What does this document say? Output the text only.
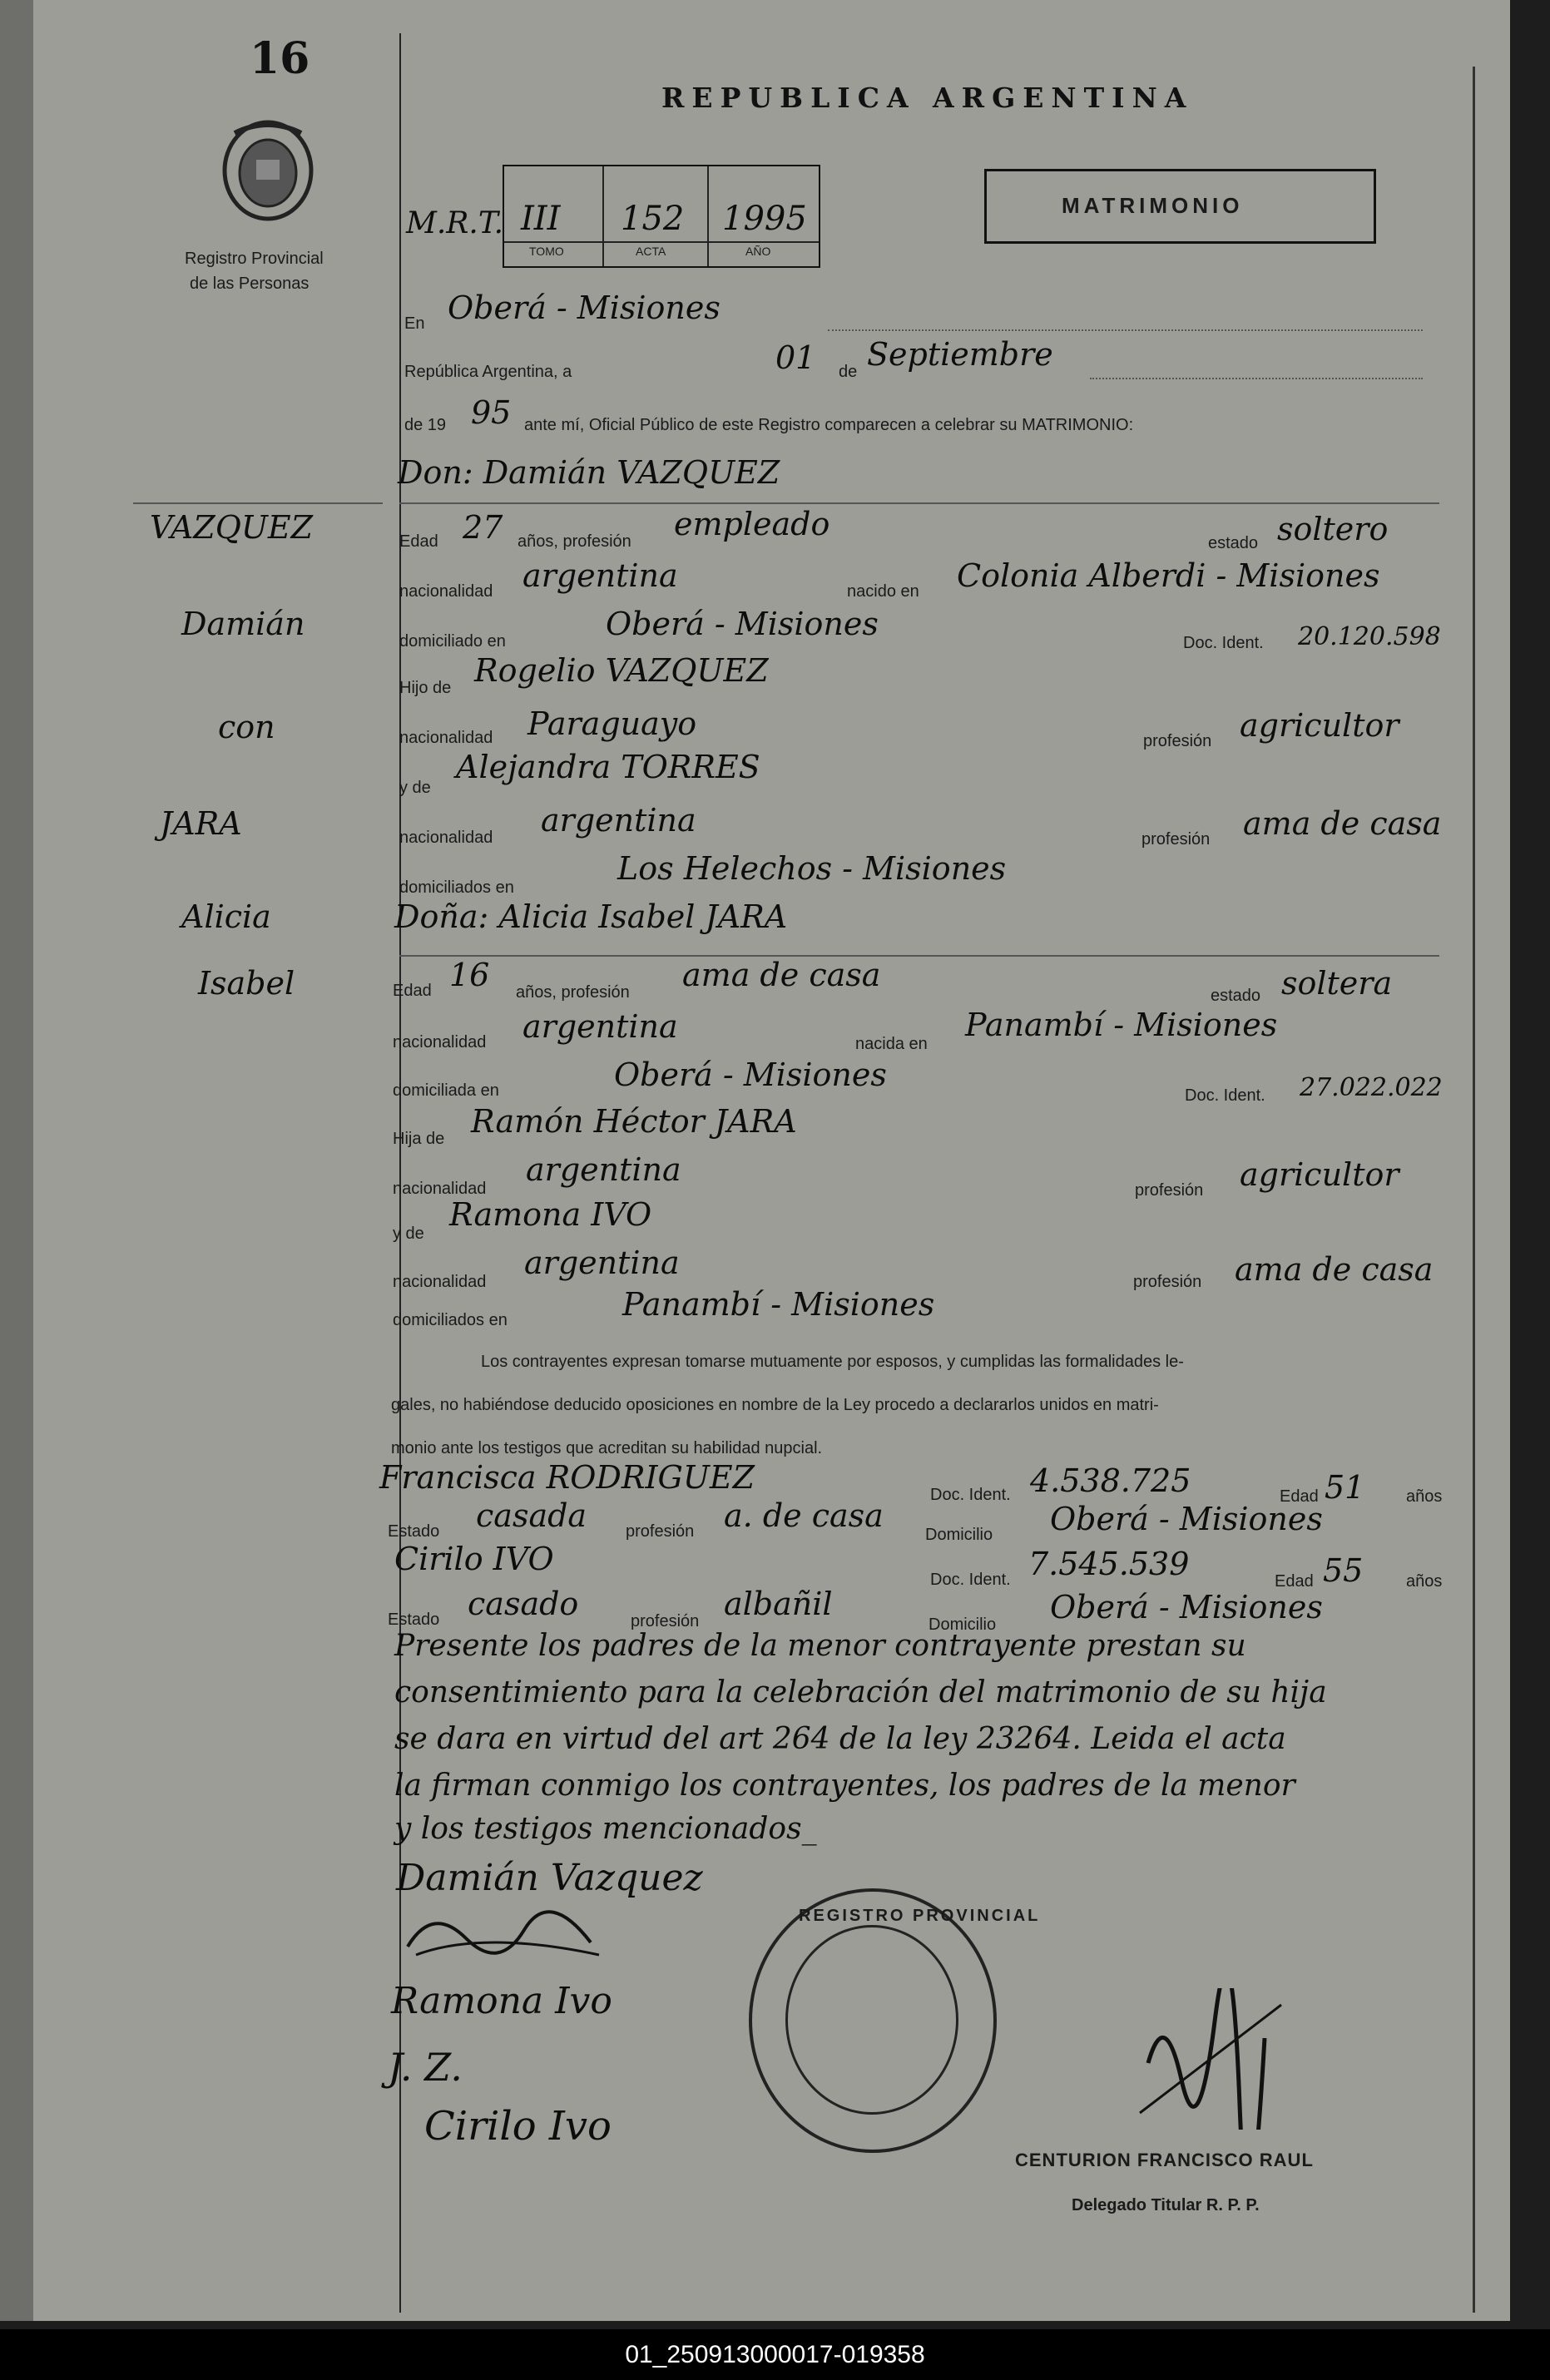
16
Registro Provincial
de las Personas
REPUBLICA ARGENTINA
MATRIMONIO
M.R.T. III 152 1995
TOMO	ACTA	AÑO
VAZQUEZ
Damián
con
JARA
Alicia
Isabel
En Oberá - Misiones
República Argentina, a	01 de Septiembre
de 19 95 ante mí, Oficial Público de este Registro comparecen a celebrar su MATRIMONIO:
Don: Damián VAZQUEZ
Edad 27 años, profesión empleado
estado soltero
nacionalidad argentina	nacido en Colonia Alberdi - Misiones
domiciliado en	Oberá - Misiones
Doc. Ident. 20.120.598
Hijo de Rogelio VAZQUEZ
nacionalidad Paraguayo	profesión agricultor
y de
Alejandra TORRES
nacionalidad argentina
profesión ama de casa
domiciliados en
Los Helechos - Misiones
Doña: Alicia Isabel JARA
Edad 16 años, profesión ama de casa
estado soltera
nacionalidad argentina	nacida en
Panambí - Misiones
domiciliada en	Oberá - Misiones
Doc. Ident. 27.022.022
Hija de Ramón Héctor JARA
nacionalidad
argentina
profesión agricultor
y de
Ramona IVO
nacionalidad
argentina
profesión ama de casa
domiciliados en	Panambí - Misiones
Los contrayentes expresan tomarse mutuamente por esposos, y cumplidas las formalidades le-
gales, no habiéndose deducido oposiciones en nombre de la Ley procedo a declararlos unidos en matri-
monio ante los testigos que acreditan su habilidad nupcial.
Francisca RODRIGUEZ	Doc. Ident. 4.538.725	Edad 51 años
Estado casada profesión a. de casa
Domicilio Oberá - Misiones
Cirilo IVO
Doc. Ident. 7.545.539	Edad 55	años
Estado casado	profesión albañil
Domicilio Oberá - Misiones
Presente los padres de la menor contrayente prestan su
consentimiento para la celebración del matrimonio de su hija
se dara en virtud del art 264 de la ley 23264. Leida el acta
la firman conmigo los contrayentes, los padres de la menor
y los testigos mencionados_
Damián Vazquez
Ramona Ivo
J. Z.
Cirilo Ivo
REGISTRO PROVINCIAL
CENTURION FRANCISCO RAUL
Delegado Titular R. P. P.
01_250913000017-019358
